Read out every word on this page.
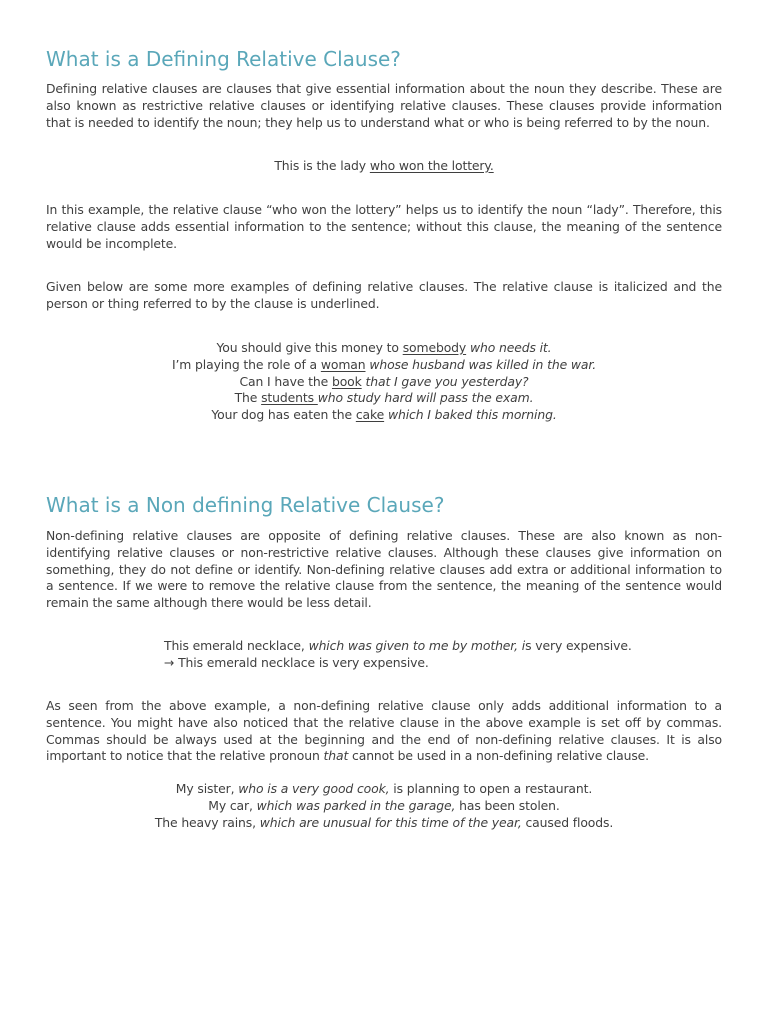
What is a Defining Relative Clause?

Defining relative clauses are clauses that give essential information about the noun they describe. These are also known as restrictive relative clauses or identifying relative clauses. These clauses provide information that is needed to identify the noun; they help us to understand what or who is being referred to by the noun.

This is the lady who won the lottery.

In this example, the relative clause “who won the lottery” helps us to identify the noun “lady”. Therefore, this relative clause adds essential information to the sentence; without this clause, the meaning of the sentence would be incomplete.

Given below are some more examples of defining relative clauses. The relative clause is italicized and the person or thing referred to by the clause is underlined.

You should give this money to somebody who needs it.
I’m playing the role of a woman whose husband was killed in the war.
Can I have the book that I gave you yesterday?
The students who study hard will pass the exam.
Your dog has eaten the cake which I baked this morning.
What is a Non defining Relative Clause?

Non-defining relative clauses are opposite of defining relative clauses. These are also known as non-identifying relative clauses or non-restrictive relative clauses. Although these clauses give information on something, they do not define or identify. Non-defining relative clauses add extra or additional information to a sentence. If we were to remove the relative clause from the sentence, the meaning of the sentence would remain the same although there would be less detail.

This emerald necklace, which was given to me by mother, is very expensive.
→ This emerald necklace is very expensive.

As seen from the above example, a non-defining relative clause only adds additional information to a sentence. You might have also noticed that the relative clause in the above example is set off by commas. Commas should be always used at the beginning and the end of non-defining relative clauses. It is also important to notice that the relative pronoun that cannot be used in a non-defining relative clause.

My sister, who is a very good cook, is planning to open a restaurant.
My car, which was parked in the garage, has been stolen.
The heavy rains, which are unusual for this time of the year, caused floods.
